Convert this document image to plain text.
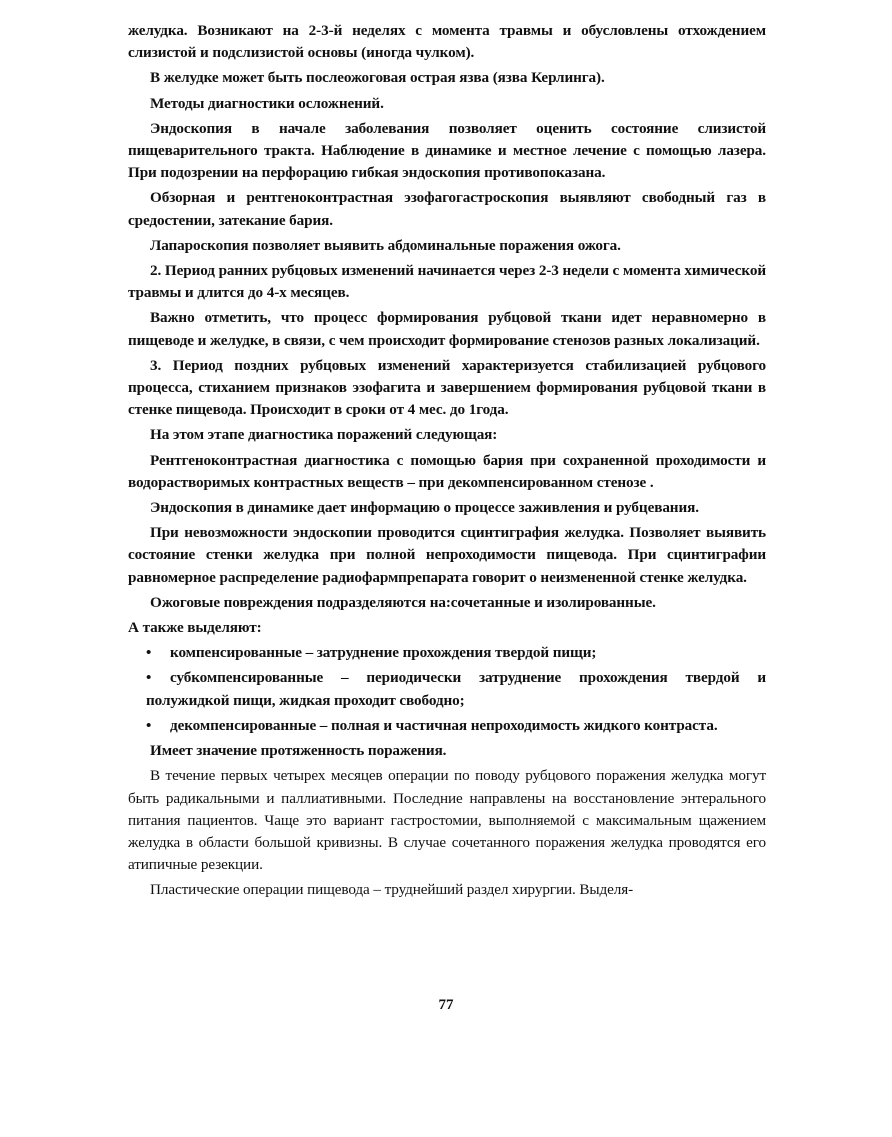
желудка. Возникают на 2-3-й неделях с момента травмы и обусловлены отхождением слизистой и подслизистой основы (иногда чулком).

В желудке может быть послеожоговая острая язва (язва Керлинга).

Методы диагностики осложнений.

Эндоскопия в начале заболевания позволяет оценить состояние слизистой пищеварительного тракта. Наблюдение в динамике и местное лечение с помощью лазера. При подозрении на перфорацию гибкая эндоскопия противопоказана.

Обзорная и рентгеноконтрастная эзофагогастроскопия выявляют свободный газ в средостении, затекание бария.

Лапароскопия позволяет выявить абдоминальные поражения ожога.

2. Период ранних рубцовых изменений начинается через 2-3 недели с момента химической травмы и длится до 4-х месяцев.

Важно отметить, что процесс формирования рубцовой ткани идет неравномерно в пищеводе и желудке, в связи, с чем происходит формирование стенозов разных локализаций.

3. Период поздних рубцовых изменений характеризуется стабилизацией рубцового процесса, стиханием признаков эзофагита и завершением формирования рубцовой ткани в стенке пищевода. Происходит в сроки от 4 мес. до 1года.

На этом этапе диагностика поражений следующая:

Рентгеноконтрастная диагностика с помощью бария при сохраненной проходимости и водорастворимых контрастных веществ – при декомпенсированном стенозе .

Эндоскопия в динамике дает информацию о процессе заживления и рубцевания.

При невозможности эндоскопии проводится сцинтиграфия желудка. Позволяет выявить состояние стенки желудка при полной непроходимости пищевода. При сцинтиграфии равномерное распределение радиофармпрепарата говорит о неизмененной стенке желудка.

Ожоговые повреждения подразделяются на:сочетанные и изолированные.

А также выделяют:

• компенсированные – затруднение прохождения твердой пищи;

• субкомпенсированные – периодически затруднение прохождения твердой и полужидкой пищи, жидкая проходит свободно;

• декомпенсированные – полная и частичная непроходимость жидкого контраста.

Имеет значение протяженность поражения.

В течение первых четырех месяцев операции по поводу рубцового поражения желудка могут быть радикальными и паллиативными. Последние направлены на восстановление энтерального питания пациентов. Чаще это вариант гастростомии, выполняемой с максимальным щажением желудка в области большой кривизны. В случае сочетанного поражения желудка проводятся его атипичные резекции.

Пластические операции пищевода – труднейший раздел хирургии. Выделя-

77
